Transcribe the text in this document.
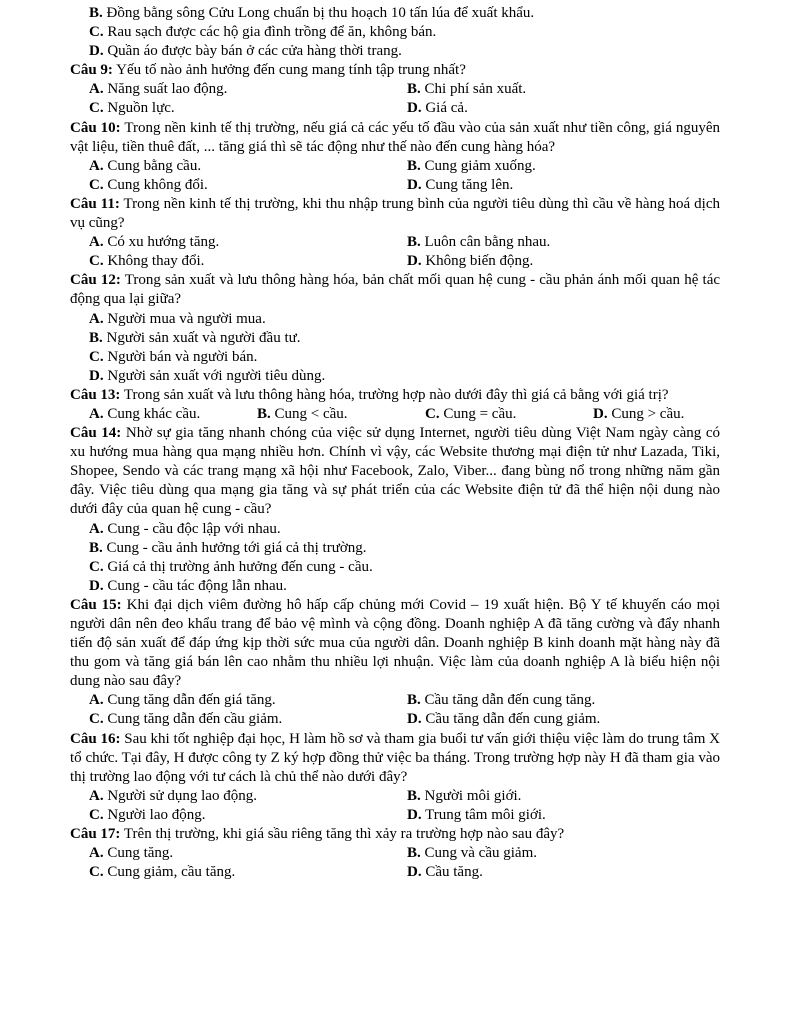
B. Đồng bằng sông Cửu Long chuẩn bị thu hoạch 10 tấn lúa để xuất khẩu.
C. Rau sạch được các hộ gia đình trồng để ăn, không bán.
D. Quần áo được bày bán ở các cửa hàng thời trang.
Câu 9: Yếu tố nào ảnh hưởng đến cung mang tính tập trung nhất?
A. Năng suất lao động.	B. Chi phí sản xuất.
C. Nguồn lực.	D. Giá cả.
Câu 10: Trong nền kinh tế thị trường, nếu giá cả các yếu tố đầu vào của sản xuất như tiền công, giá nguyên vật liệu, tiền thuê đất, ... tăng giá thì sẽ tác động như thế nào đến cung hàng hóa?
A. Cung bằng cầu.	B. Cung giảm xuống.
C. Cung không đổi.	D. Cung tăng lên.
Câu 11: Trong nền kinh tế thị trường, khi thu nhập trung bình của người tiêu dùng thì cầu về hàng hoá dịch vụ cũng?
A. Có xu hướng tăng.	B. Luôn cân bằng nhau.
C. Không thay đổi.	D. Không biến động.
Câu 12: Trong sản xuất và lưu thông hàng hóa, bản chất mối quan hệ cung - cầu phản ánh mối quan hệ tác động qua lại giữa?
A. Người mua và người mua.
B. Người sản xuất và người đầu tư.
C. Người bán và người bán.
D. Người sản xuất với người tiêu dùng.
Câu 13: Trong sản xuất và lưu thông hàng hóa, trường hợp nào dưới đây thì giá cả bằng với giá trị?
A. Cung khác cầu.	B. Cung < cầu.	C. Cung = cầu.	D. Cung > cầu.
Câu 14: Nhờ sự gia tăng nhanh chóng của việc sử dụng Internet, người tiêu dùng Việt Nam ngày càng có xu hướng mua hàng qua mạng nhiều hơn. Chính vì vậy, các Website thương mại điện tử như Lazada, Tiki, Shopee, Sendo và các trang mạng xã hội như Facebook, Zalo, Viber... đang bùng nổ trong những năm gần đây. Việc tiêu dùng qua mạng gia tăng và sự phát triển của các Website điện tử đã thể hiện nội dung nào dưới đây của quan hệ cung - cầu?
A. Cung - cầu độc lập với nhau.
B. Cung - cầu ảnh hưởng tới giá cả thị trường.
C. Giá cả thị trường ảnh hưởng đến cung - cầu.
D. Cung - cầu tác động lẫn nhau.
Câu 15: Khi đại dịch viêm đường hô hấp cấp chủng mới Covid – 19 xuất hiện. Bộ Y tế khuyến cáo mọi người dân nên đeo khẩu trang để bảo vệ mình và cộng đồng. Doanh nghiệp A đã tăng cường và đẩy nhanh tiến độ sản xuất để đáp ứng kịp thời sức mua của người dân. Doanh nghiệp B kinh doanh mặt hàng này đã thu gom và tăng giá bán lên cao nhằm thu nhiều lợi nhuận. Việc làm của doanh nghiệp A là biểu hiện nội dung nào sau đây?
A. Cung tăng dẫn đến giá tăng.	B. Cầu tăng dẫn đến cung tăng.
C. Cung tăng dẫn đến cầu giảm.	D. Cầu tăng dẫn đến cung giảm.
Câu 16: Sau khi tốt nghiệp đại học, H làm hồ sơ và tham gia buổi tư vấn giới thiệu việc làm do trung tâm X tổ chức. Tại đây, H được công ty Z ký hợp đồng thử việc ba tháng. Trong trường hợp này H đã tham gia vào thị trường lao động với tư cách là chủ thể nào dưới đây?
A. Người sử dụng lao động.	B. Người môi giới.
C. Người lao động.	D. Trung tâm môi giới.
Câu 17: Trên thị trường, khi giá sầu riêng tăng thì xảy ra trường hợp nào sau đây?
A. Cung tăng.	B. Cung và cầu giảm.
C. Cung giảm, cầu tăng.	D. Cầu tăng.
